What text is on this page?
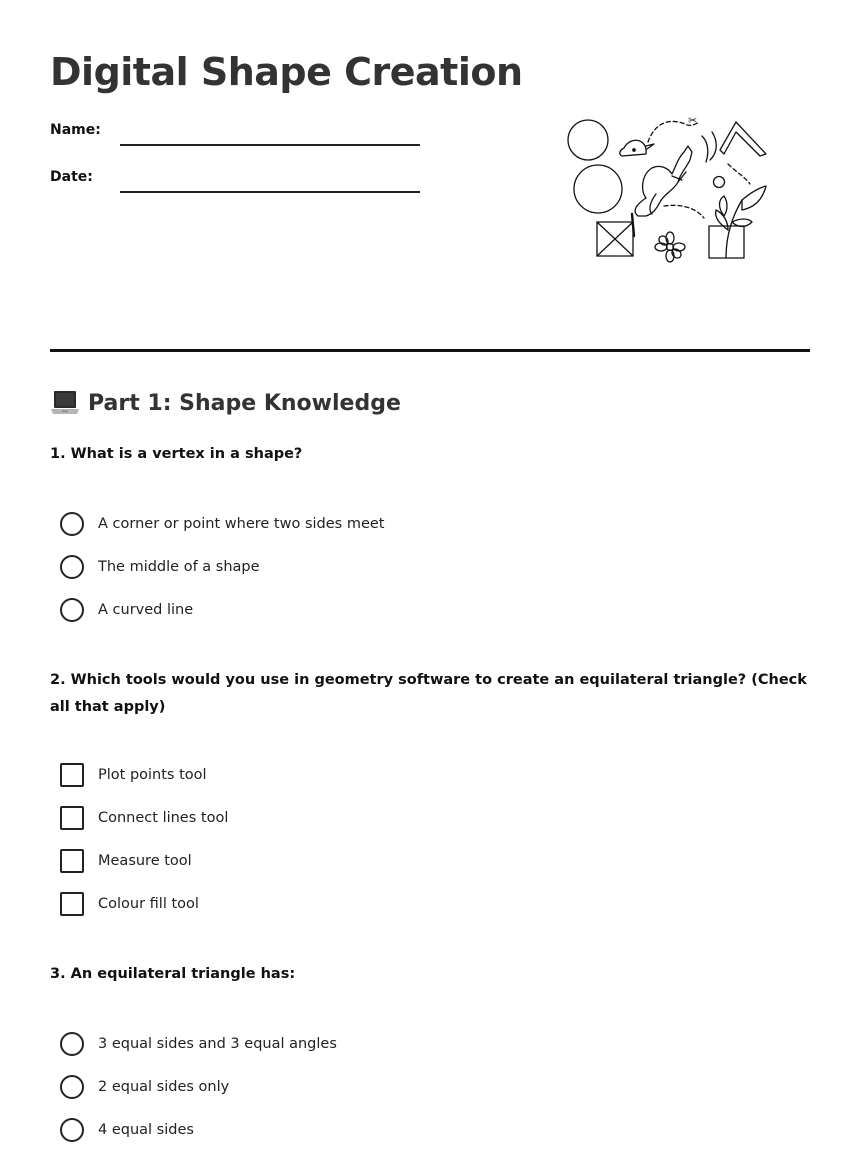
Digital Shape Creation
Name:
Date:
✂
Part 1: Shape Knowledge
1. What is a vertex in a shape?
A corner or point where two sides meet
The middle of a shape
A curved line
2. Which tools would you use in geometry software to create an equilateral triangle? (Check all that apply)
Plot points tool
Connect lines tool
Measure tool
Colour fill tool
3. An equilateral triangle has:
3 equal sides and 3 equal angles
2 equal sides only
4 equal sides
